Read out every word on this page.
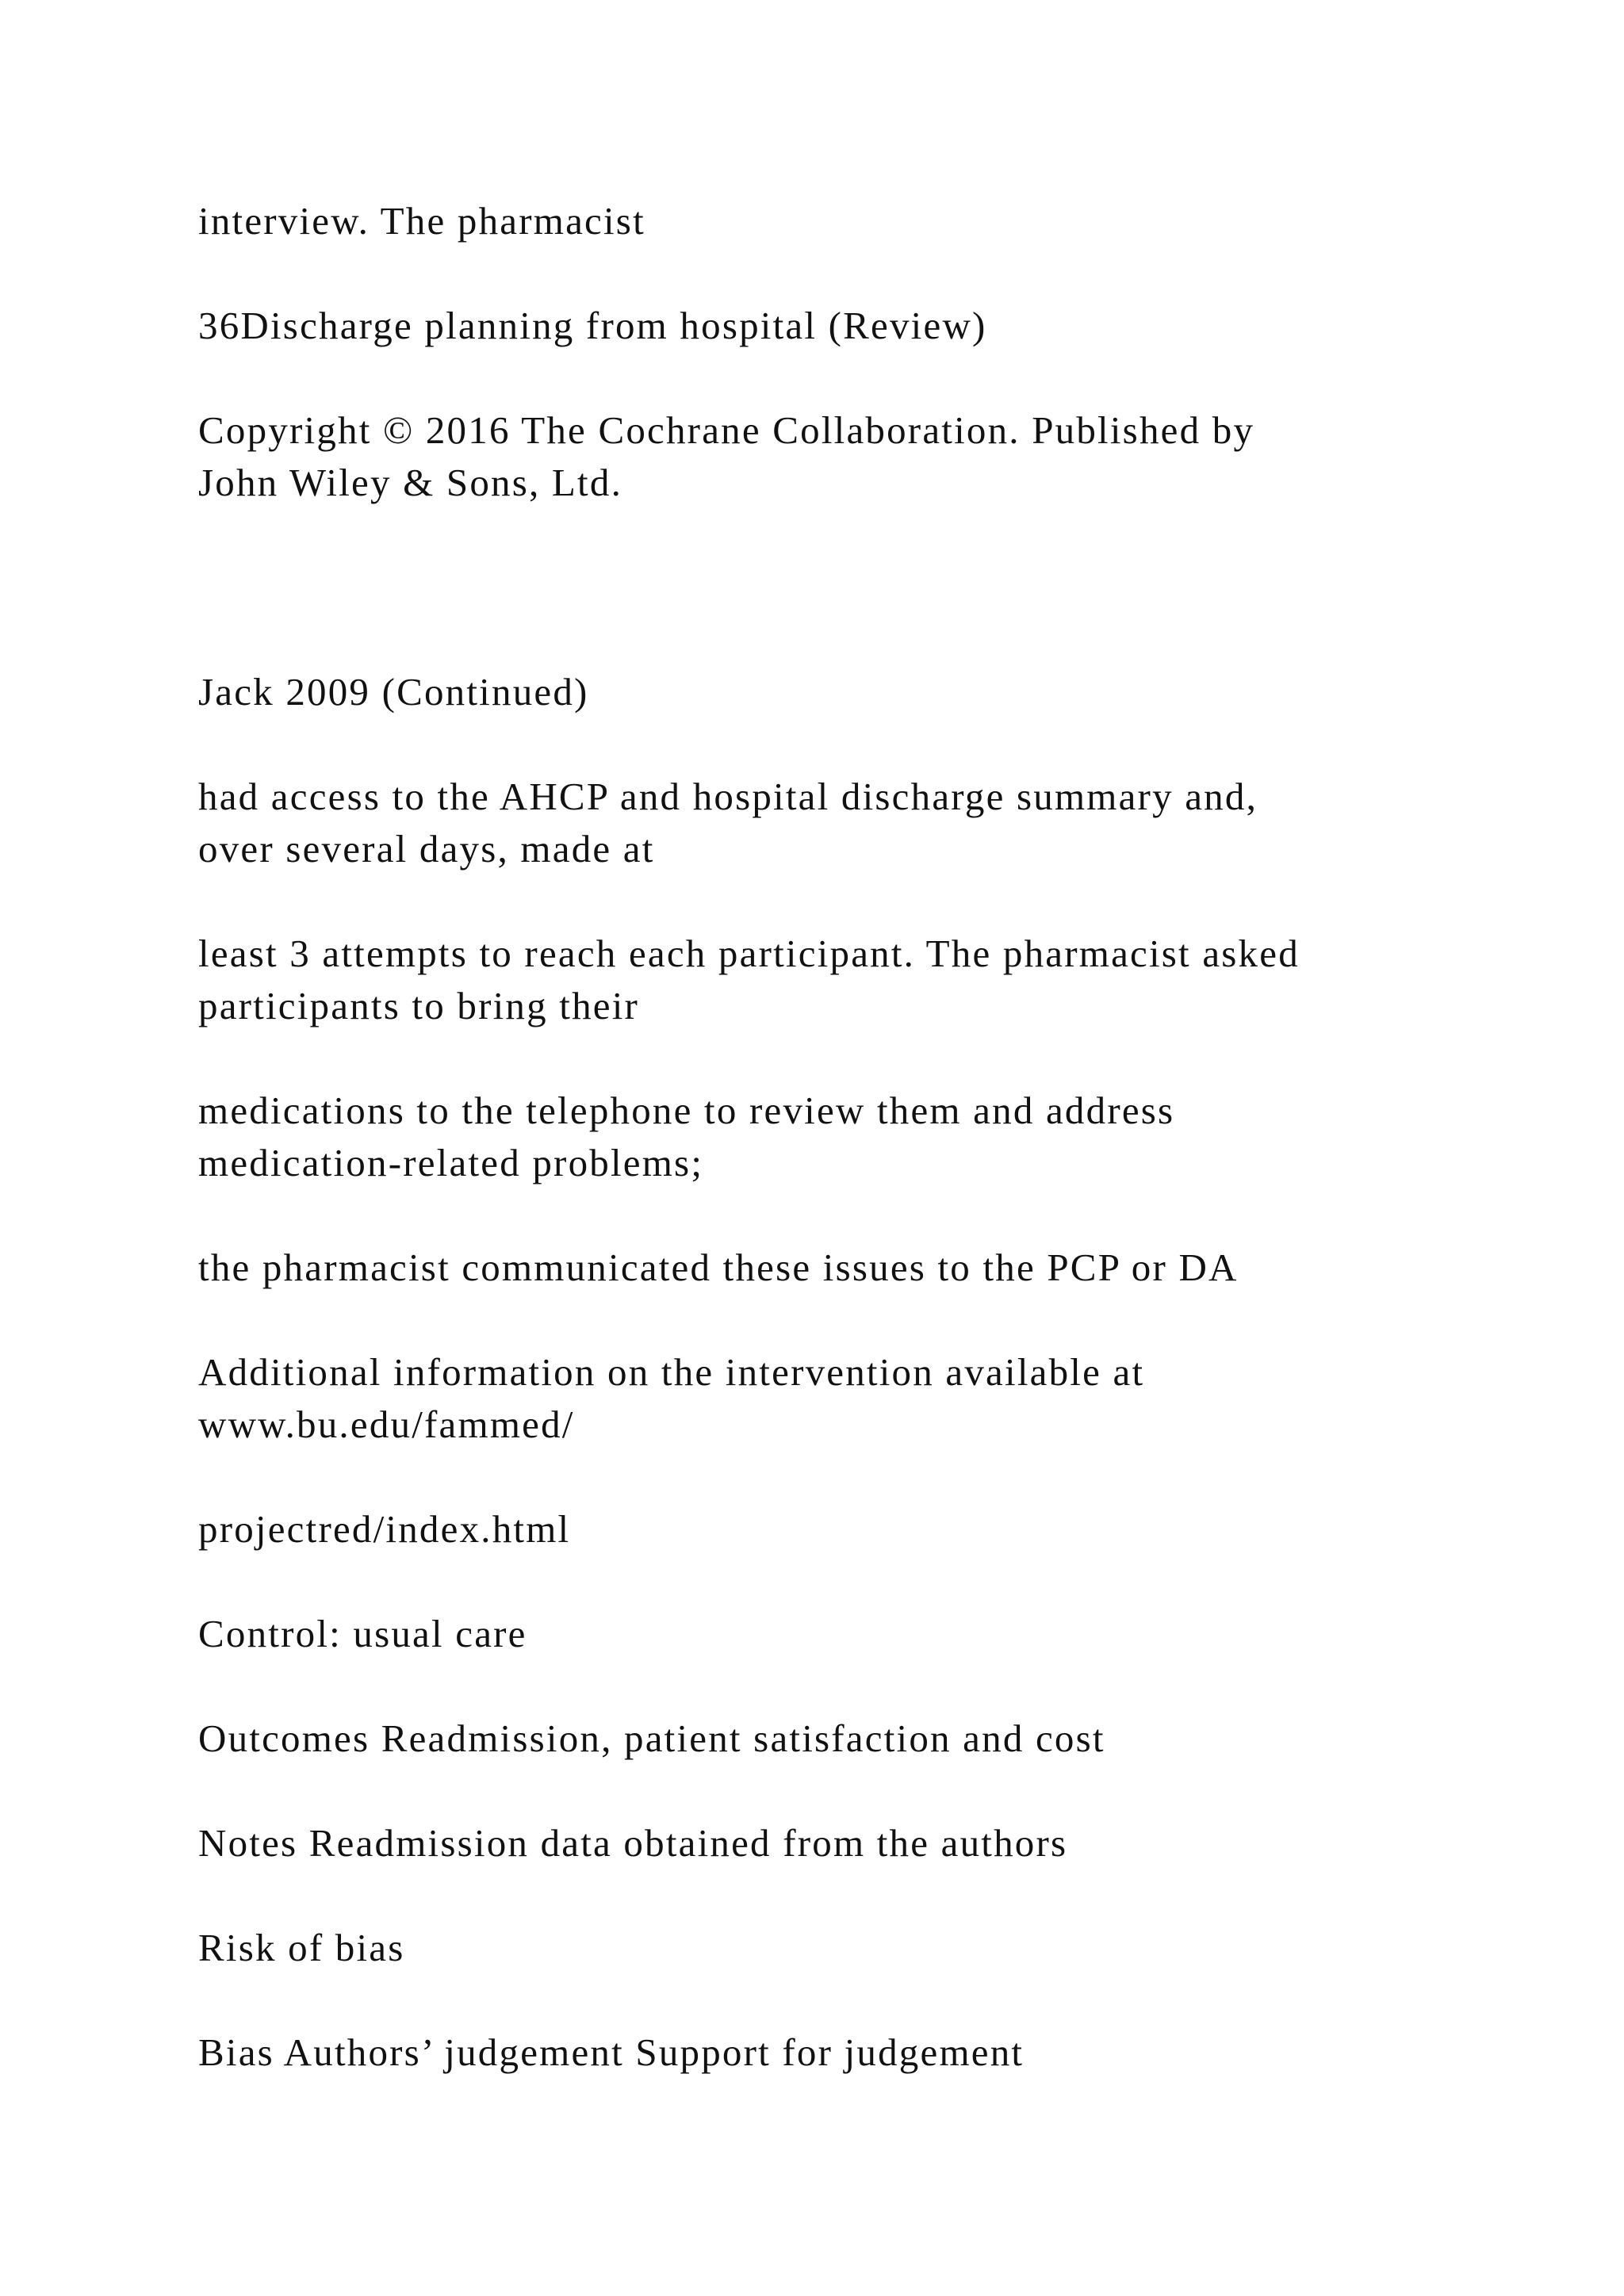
interview. The pharmacist

36Discharge planning from hospital (Review)

Copyright © 2016 The Cochrane Collaboration. Published by
John Wiley & Sons, Ltd.

Jack 2009 (Continued)

had access to the AHCP and hospital discharge summary and,
over several days, made at

least 3 attempts to reach each participant. The pharmacist asked
participants to bring their

medications to the telephone to review them and address
medication-related problems;

the pharmacist communicated these issues to the PCP or DA

Additional information on the intervention available at
www.bu.edu/fammed/

projectred/index.html

Control: usual care

Outcomes Readmission, patient satisfaction and cost

Notes Readmission data obtained from the authors

Risk of bias

Bias Authors’ judgement Support for judgement
